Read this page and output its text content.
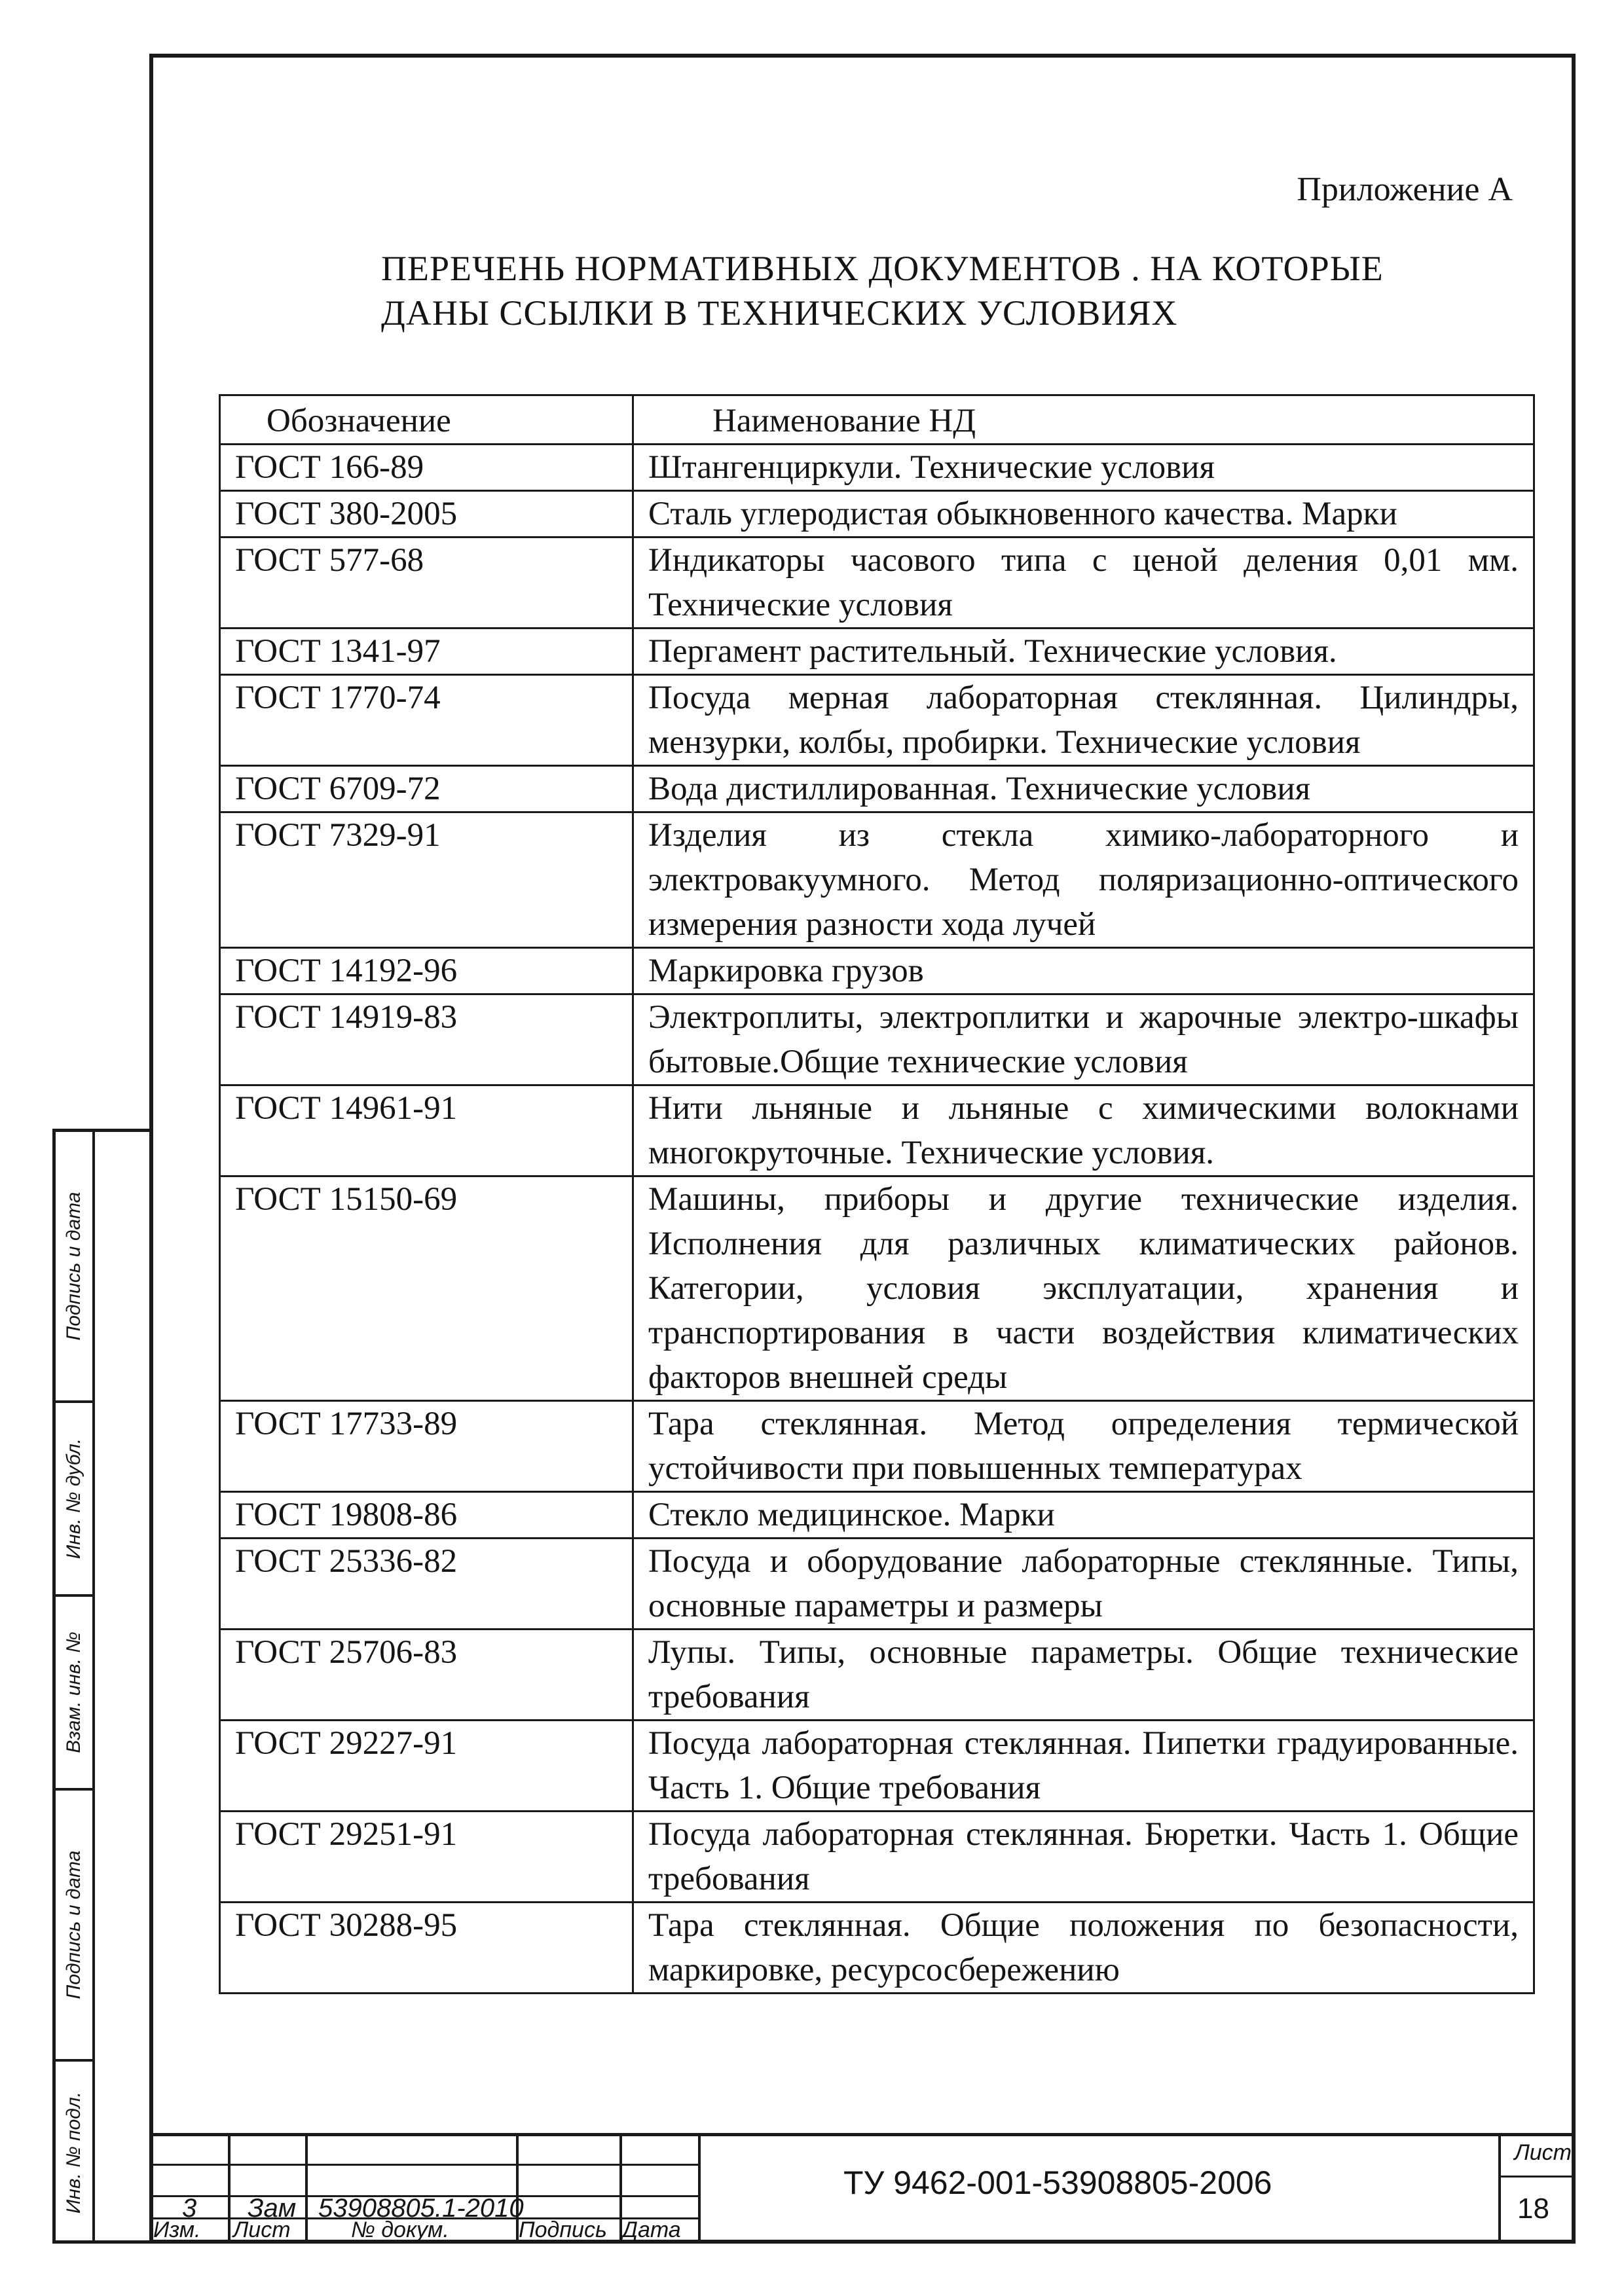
Приложение А
ПЕРЕЧЕНЬ НОРМАТИВНЫХ ДОКУМЕНТОВ . НА КОТОРЫЕ
ДАНЫ ССЫЛКИ В ТЕХНИЧЕСКИХ УСЛОВИЯХ
Обозначение	Наименование НД
ГОСТ 166-89	Штангенциркули. Технические условия
ГОСТ 380-2005	Сталь углеродистая обыкновенного качества. Марки
ГОСТ 577-68	Индикаторы часового типа с ценой деления 0,01 мм. Технические условия
ГОСТ 1341-97	Пергамент растительный. Технические условия.
ГОСТ 1770-74	Посуда мерная лабораторная стеклянная. Цилиндры, мензурки, колбы, пробирки. Технические условия
ГОСТ 6709-72	Вода дистиллированная. Технические условия
ГОСТ 7329-91	Изделия из стекла химико-лабораторного и электровакуумного. Метод поляризационно-оптического измерения разности хода лучей
ГОСТ 14192-96	Маркировка грузов
ГОСТ 14919-83	Электроплиты, электроплитки и жарочные электро-шкафы бытовые.Общие технические условия
ГОСТ 14961-91	Нити льняные и льняные с химическими волокнами многокруточные. Технические условия.
ГОСТ 15150-69	Машины, приборы и другие технические изделия. Исполнения для различных климатических районов. Категории, условия эксплуатации, хранения и транспортирования в части воздействия климатических факторов внешней среды
ГОСТ 17733-89	Тара стеклянная. Метод определения термической устойчивости при повышенных температурах
ГОСТ 19808-86	Стекло медицинское. Марки
ГОСТ 25336-82	Посуда и оборудование лабораторные стеклянные. Типы, основные параметры и размеры
ГОСТ 25706-83	Лупы. Типы, основные параметры. Общие технические требования
ГОСТ 29227-91	Посуда лабораторная стеклянная. Пипетки градуированные. Часть 1. Общие требования
ГОСТ 29251-91	Посуда лабораторная стеклянная. Бюретки. Часть 1. Общие требования
ГОСТ 30288-95	Тара стеклянная. Общие положения по безопасности, маркировке, ресурсосбережению
3 Зам 53908805.1-2010
Изм. Лист	№ докум.	Подпись Дата
ТУ 9462-001-53908805-2006
Лист
18
Подпись и дата
Инв. № дубл.
Взам. инв. №
Подпись и дата
Инв. № подл.
